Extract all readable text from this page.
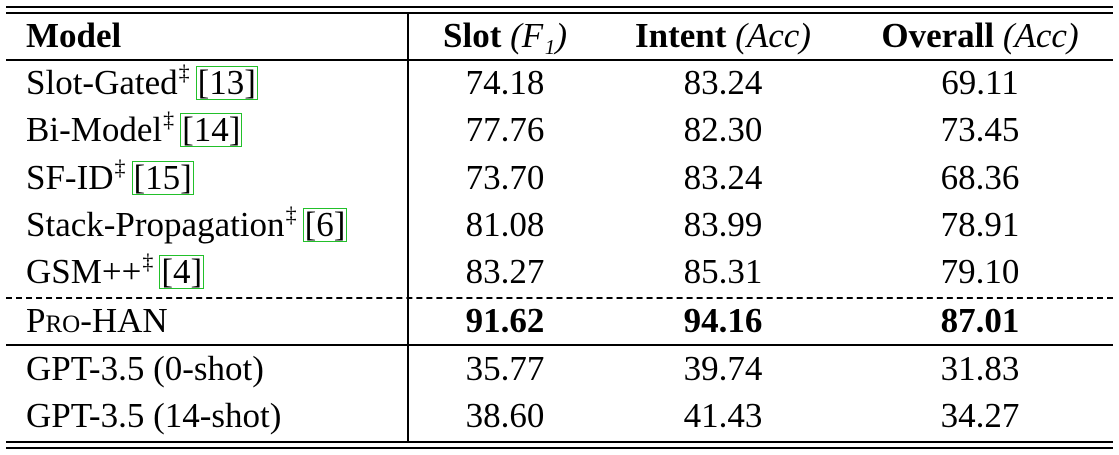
Model	Slot (F₁)	Intent (Acc)	Overall (Acc)
Slot-Gated‡ [13]	74.18	83.24	69.11
Bi-Model‡ [14]	77.76	82.30	73.45
SF-ID‡ [15]	73.70	83.24	68.36
Stack-Propagation‡ [6]	81.08	83.99	78.91
GSM++‡ [4]	83.27	85.31	79.10
Pro-HAN	91.62	94.16	87.01
GPT-3.5 (0-shot)	35.77	39.74	31.83
GPT-3.5 (14-shot)	38.60	41.43	34.27
